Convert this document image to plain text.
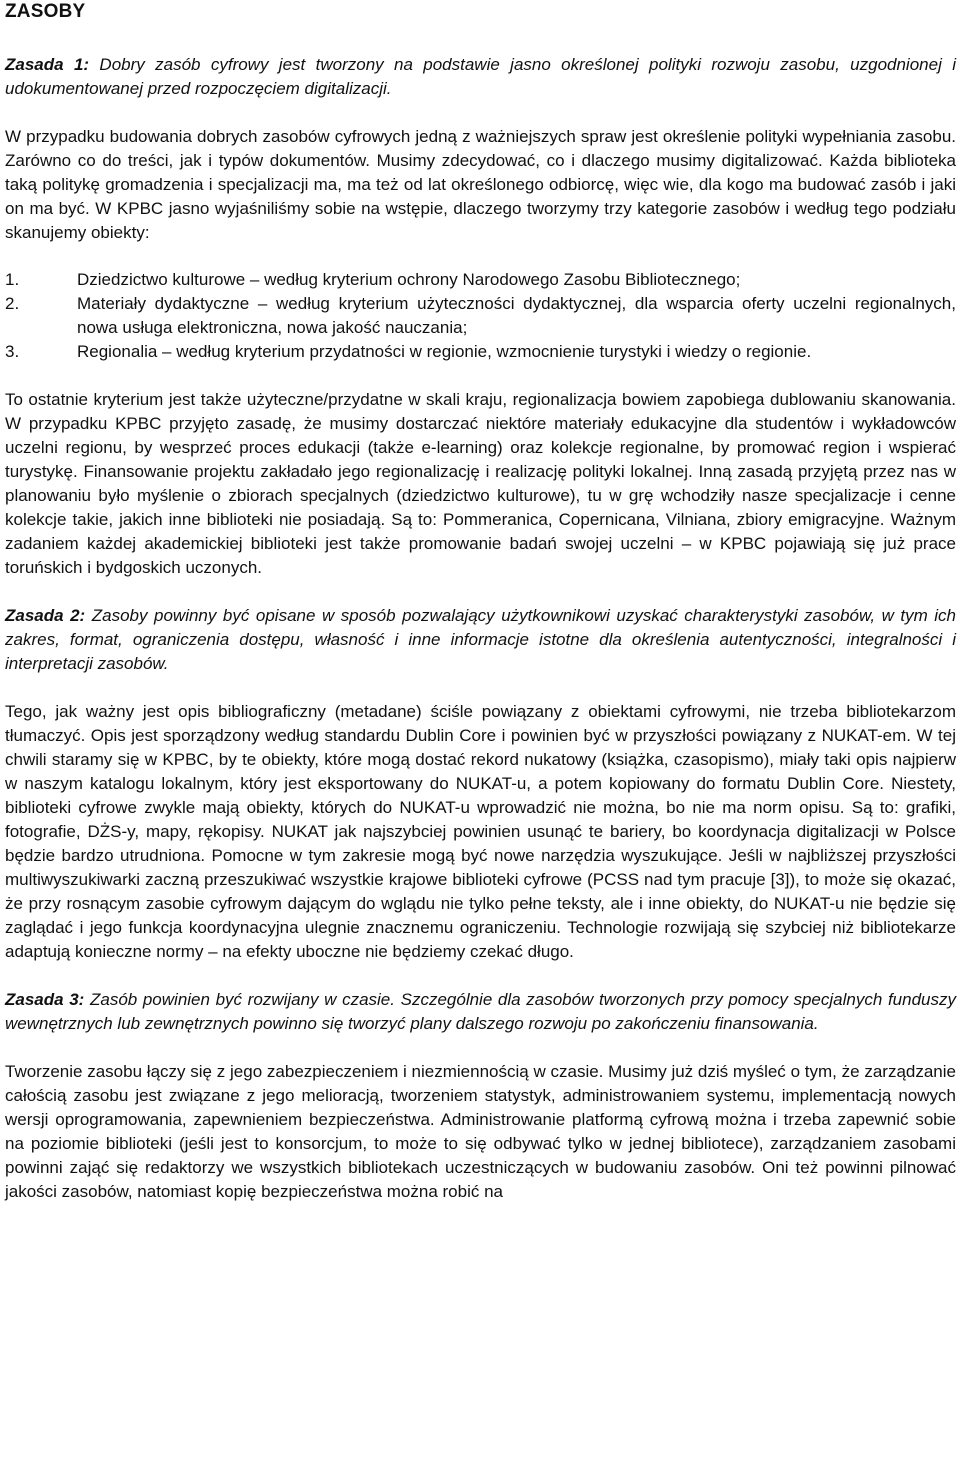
ZASOBY

Zasada 1: Dobry zasób cyfrowy jest tworzony na podstawie jasno określonej polityki rozwoju zasobu, uzgodnionej i udokumentowanej przed rozpoczęciem digitalizacji.

W przypadku budowania dobrych zasobów cyfrowych jedną z ważniejszych spraw jest określenie polityki wypełniania zasobu. Zarówno co do treści, jak i typów dokumentów. Musimy zdecydować, co i dlaczego musimy digitalizować. Każda biblioteka taką politykę gromadzenia i specjalizacji ma, ma też od lat określonego odbiorcę, więc wie, dla kogo ma budować zasób i jaki on ma być. W KPBC jasno wyjaśniliśmy sobie na wstępie, dlaczego tworzymy trzy kategorie zasobów i według tego podziału skanujemy obiekty:

1.	Dziedzictwo kulturowe – według kryterium ochrony Narodowego Zasobu Bibliotecznego;
2.	Materiały dydaktyczne – według kryterium użyteczności dydaktycznej, dla wsparcia oferty uczelni regionalnych, nowa usługa elektroniczna, nowa jakość nauczania;
3.	Regionalia – według kryterium przydatności w regionie, wzmocnienie turystyki i wiedzy o regionie.

To ostatnie kryterium jest także użyteczne/przydatne w skali kraju, regionalizacja bowiem zapobiega dublowaniu skanowania. W przypadku KPBC przyjęto zasadę, że musimy dostarczać niektóre materiały edukacyjne dla studentów i wykładowców uczelni regionu, by wesprzeć proces edukacji (także e-learning) oraz kolekcje regionalne, by promować region i wspierać turystykę. Finansowanie projektu zakładało jego regionalizację i realizację polityki lokalnej. Inną zasadą przyjętą przez nas w planowaniu było myślenie o zbiorach specjalnych (dziedzictwo kulturowe), tu w grę wchodziły nasze specjalizacje i cenne kolekcje takie, jakich inne biblioteki nie posiadają. Są to: Pommeranica, Copernicana, Vilniana, zbiory emigracyjne. Ważnym zadaniem każdej akademickiej biblioteki jest także promowanie badań swojej uczelni – w KPBC pojawiają się już prace toruńskich i bydgoskich uczonych.

Zasada 2: Zasoby powinny być opisane w sposób pozwalający użytkownikowi uzyskać charakterystyki zasobów, w tym ich zakres, format, ograniczenia dostępu, własność i inne informacje istotne dla określenia autentyczności, integralności i interpretacji zasobów.

Tego, jak ważny jest opis bibliograficzny (metadane) ściśle powiązany z obiektami cyfrowymi, nie trzeba bibliotekarzom tłumaczyć. Opis jest sporządzony według standardu Dublin Core i powinien być w przyszłości powiązany z NUKAT-em. W tej chwili staramy się w KPBC, by te obiekty, które mogą dostać rekord nukatowy (książka, czasopismo), miały taki opis najpierw w naszym katalogu lokalnym, który jest eksportowany do NUKAT-u, a potem kopiowany do formatu Dublin Core. Niestety, biblioteki cyfrowe zwykle mają obiekty, których do NUKAT-u wprowadzić nie można, bo nie ma norm opisu. Są to: grafiki, fotografie, DŻS-y, mapy, rękopisy. NUKAT jak najszybciej powinien usunąć te bariery, bo koordynacja digitalizacji w Polsce będzie bardzo utrudniona. Pomocne w tym zakresie mogą być nowe narzędzia wyszukujące. Jeśli w najbliższej przyszłości multiwyszukiwarki zaczną przeszukiwać wszystkie krajowe biblioteki cyfrowe (PCSS nad tym pracuje [3]), to może się okazać, że przy rosnącym zasobie cyfrowym dającym do wglądu nie tylko pełne teksty, ale i inne obiekty, do NUKAT-u nie będzie się zaglądać i jego funkcja koordynacyjna ulegnie znacznemu ograniczeniu. Technologie rozwijają się szybciej niż bibliotekarze adaptują konieczne normy – na efekty uboczne nie będziemy czekać długo.

Zasada 3: Zasób powinien być rozwijany w czasie. Szczególnie dla zasobów tworzonych przy pomocy specjalnych funduszy wewnętrznych lub zewnętrznych powinno się tworzyć plany dalszego rozwoju po zakończeniu finansowania.

Tworzenie zasobu łączy się z jego zabezpieczeniem i niezmiennością w czasie. Musimy już dziś myśleć o tym, że zarządzanie całością zasobu jest związane z jego melioracją, tworzeniem statystyk, administrowaniem systemu, implementacją nowych wersji oprogramowania, zapewnieniem bezpieczeństwa. Administrowanie platformą cyfrową można i trzeba zapewnić sobie na poziomie biblioteki (jeśli jest to konsorcjum, to może to się odbywać tylko w jednej bibliotece), zarządzaniem zasobami powinni zająć się redaktorzy we wszystkich bibliotekach uczestniczących w budowaniu zasobów. Oni też powinni pilnować jakości zasobów, natomiast kopię bezpieczeństwa można robić na
